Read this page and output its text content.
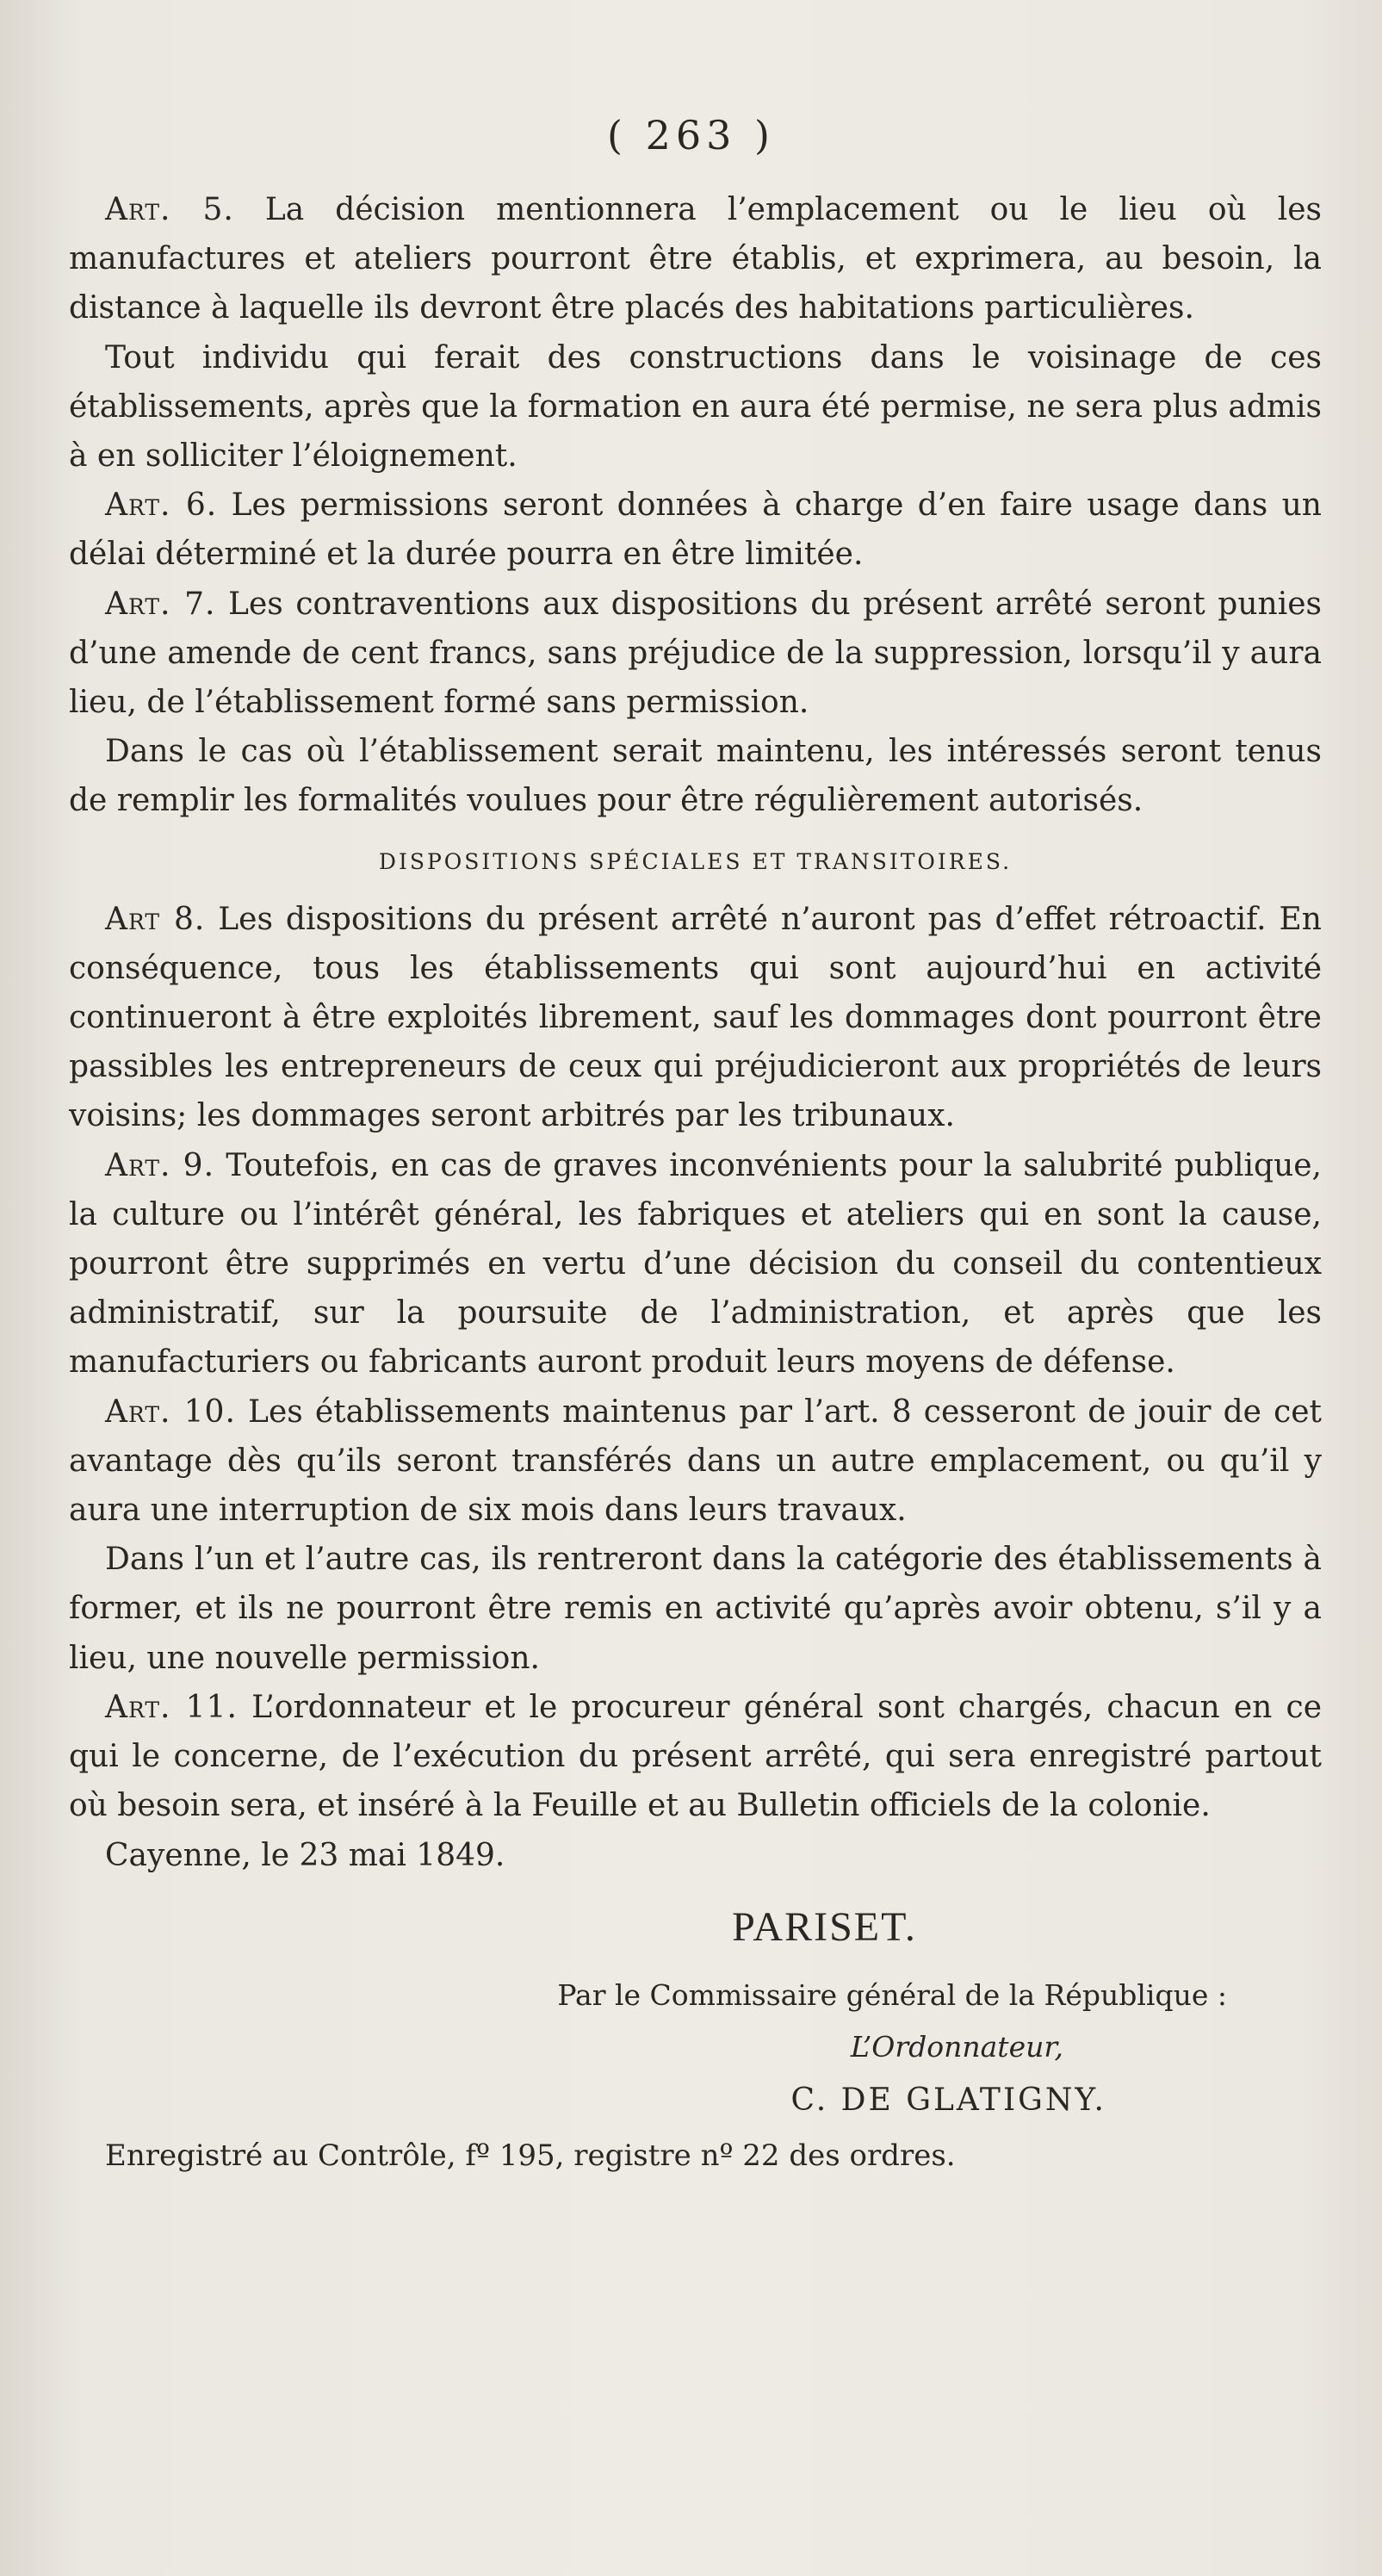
( 263 )

Art. 5. La décision mentionnera l’emplacement ou le lieu où les manufactures et ateliers pourront être établis, et exprimera, au besoin, la distance à laquelle ils devront être placés des habitations particulières.

Tout individu qui ferait des constructions dans le voisinage de ces établissements, après que la formation en aura été permise, ne sera plus admis à en solliciter l’éloignement.

Art. 6. Les permissions seront données à charge d’en faire usage dans un délai déterminé et la durée pourra en être limitée.

Art. 7. Les contraventions aux dispositions du présent arrêté seront punies d’une amende de cent francs, sans préjudice de la suppression, lorsqu’il y aura lieu, de l’établissement formé sans permission.

Dans le cas où l’établissement serait maintenu, les intéressés seront tenus de remplir les formalités voulues pour être régulièrement autorisés.

DISPOSITIONS SPÉCIALES ET TRANSITOIRES.

Art 8. Les dispositions du présent arrêté n’auront pas d’effet rétroactif. En conséquence, tous les établissements qui sont aujourd’hui en activité continueront à être exploités librement, sauf les dommages dont pourront être passibles les entrepreneurs de ceux qui préjudicieront aux propriétés de leurs voisins; les dommages seront arbitrés par les tribunaux.

Art. 9. Toutefois, en cas de graves inconvénients pour la salubrité publique, la culture ou l’intérêt général, les fabriques et ateliers qui en sont la cause, pourront être supprimés en vertu d’une décision du conseil du contentieux administratif, sur la poursuite de l’administration, et après que les manufacturiers ou fabricants auront produit leurs moyens de défense.

Art. 10. Les établissements maintenus par l’art. 8 cesseront de jouir de cet avantage dès qu’ils seront transférés dans un autre emplacement, ou qu’il y aura une interruption de six mois dans leurs travaux.

Dans l’un et l’autre cas, ils rentreront dans la catégorie des établissements à former, et ils ne pourront être remis en activité qu’après avoir obtenu, s’il y a lieu, une nouvelle permission.

Art. 11. L’ordonnateur et le procureur général sont chargés, chacun en ce qui le concerne, de l’exécution du présent arrêté, qui sera enregistré partout où besoin sera, et inséré à la Feuille et au Bulletin officiels de la colonie.

Cayenne, le 23 mai 1849.

PARISET.
Par le Commissaire général de la République :
L’Ordonnateur,
C. DE GLATIGNY.

Enregistré au Contrôle, fº 195, registre nº 22 des ordres.
